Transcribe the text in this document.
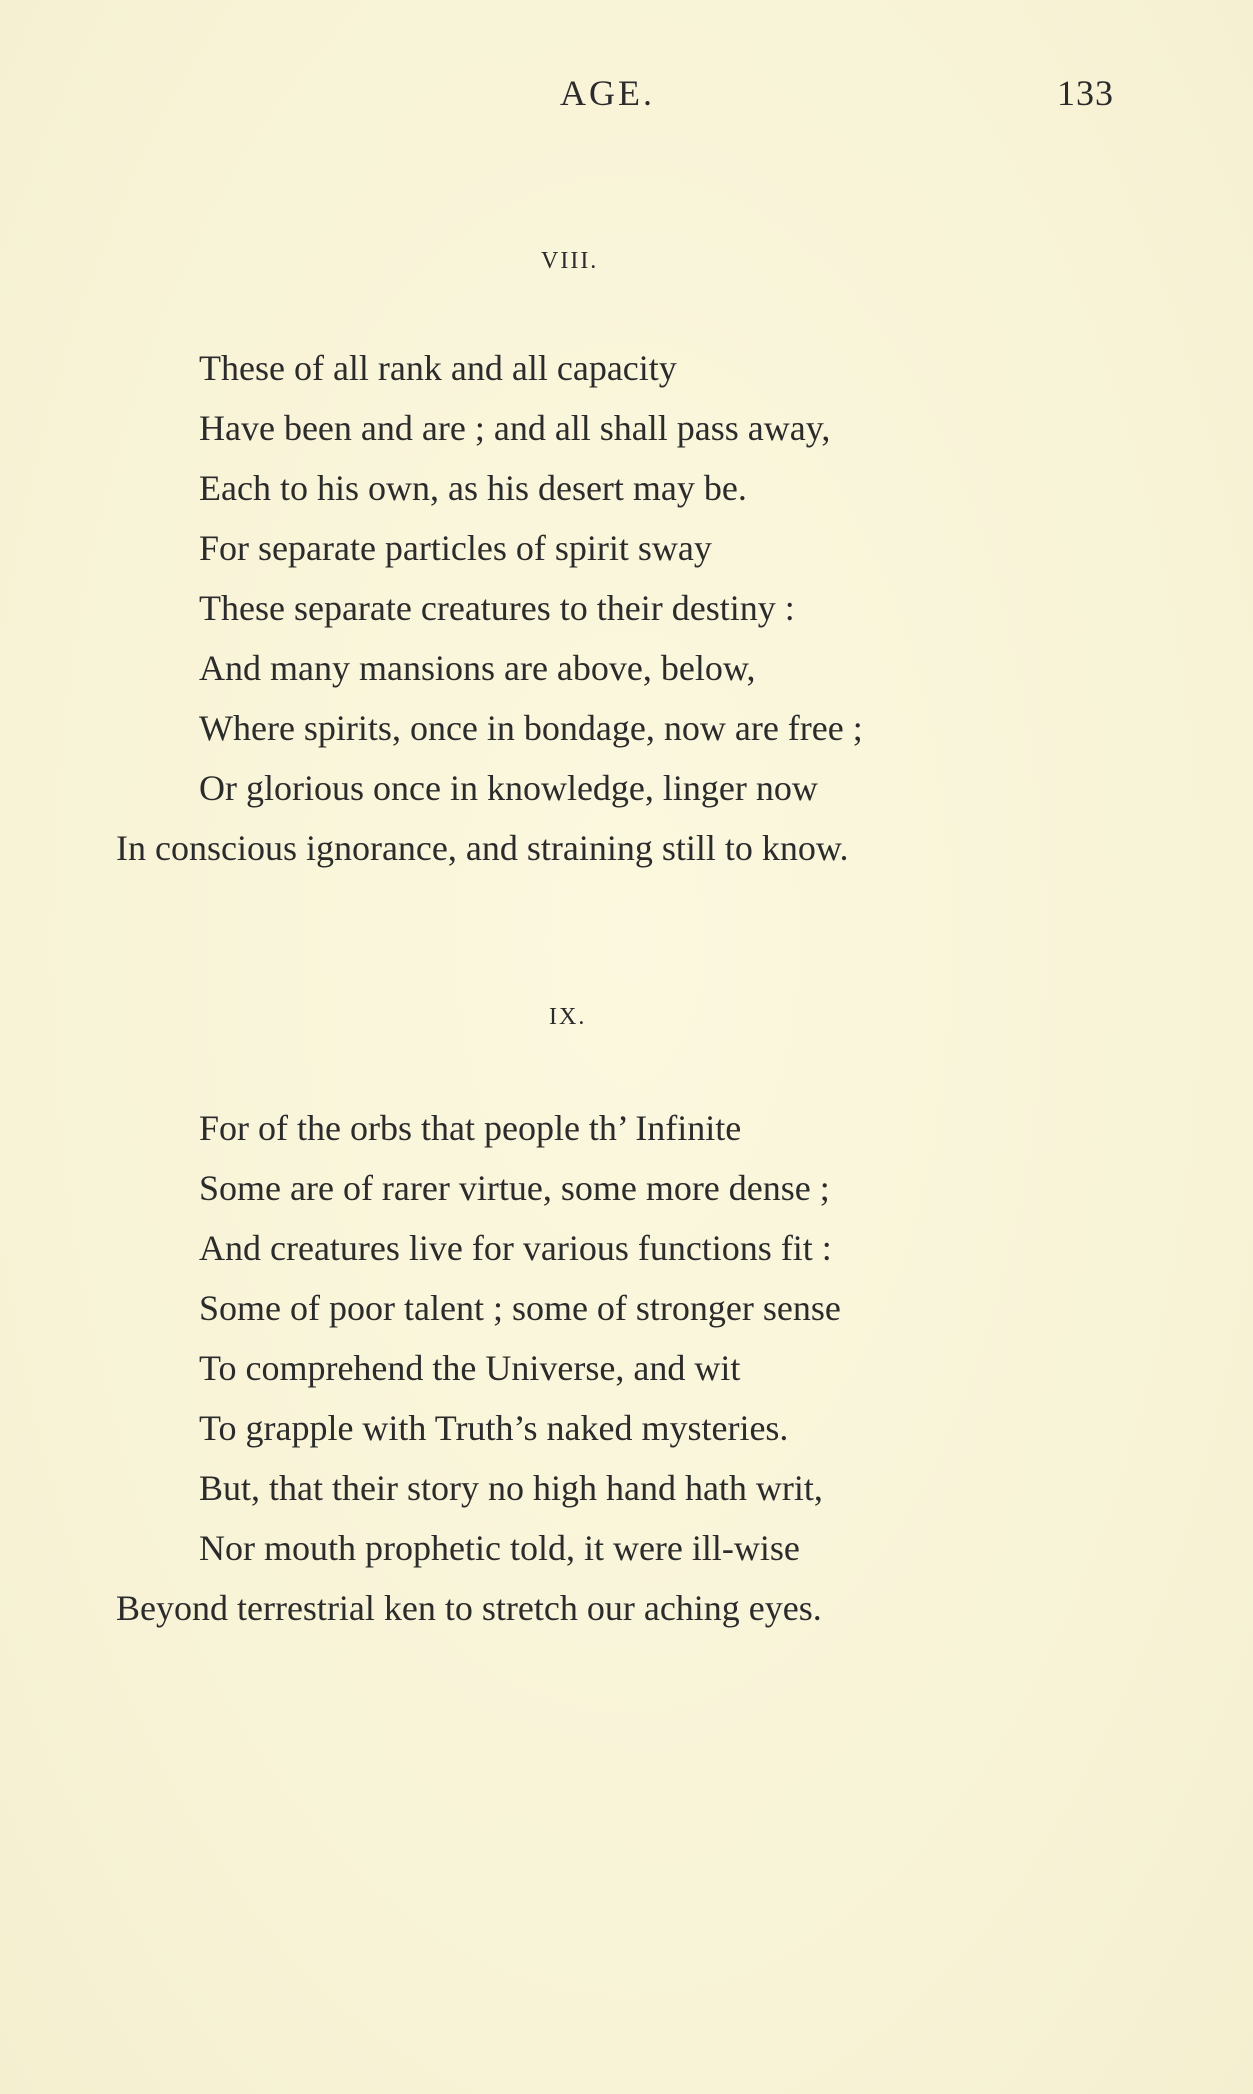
AGE.	133
VIII.
These of all rank and all capacity
Have been and are ; and all shall pass away,
Each to his own, as his desert may be.
For separate particles of spirit sway
These separate creatures to their destiny :
And many mansions are above, below,
Where spirits, once in bondage, now are free ;
Or glorious once in knowledge, linger now
In conscious ignorance, and straining still to know.
IX.
For of the orbs that people th’ Infinite
Some are of rarer virtue, some more dense ;
And creatures live for various functions fit :
Some of poor talent ; some of stronger sense
To comprehend the Universe, and wit
To grapple with Truth’s naked mysteries.
But, that their story no high hand hath writ,
Nor mouth prophetic told, it were ill-wise
Beyond terrestrial ken to stretch our aching eyes.
